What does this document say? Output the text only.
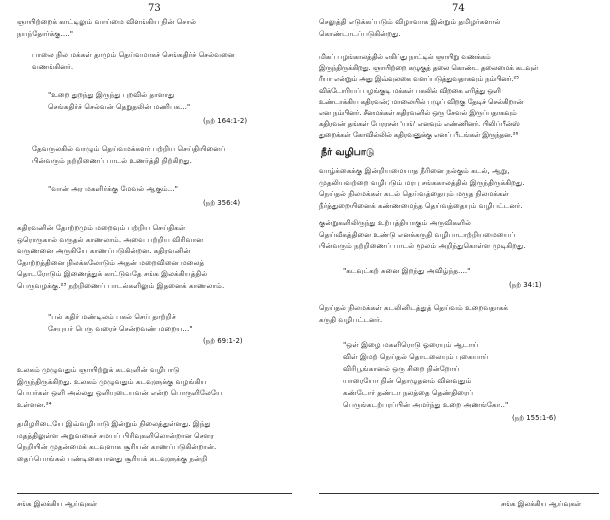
73
ஞாயிற்றைக் காட்டிலும் வாய்மை விளங்கிய நின் சொல்
நயந்தோர்க்கு...."
பாலை நில மக்கள் தாமும் தெய்வமாகச் செங்கதிர்ச் செல்வனை
வணங்கினர்.
"உறை துறந்து இருந்து புறவில் தாளாது
செங்கதிர்ச் செல்வன் தெறுதலின் மணிபக..."
(நற் 164:1-2)
தேவருலகில் வாழும் தெய்வமக்களர் பற்றிய செய்தியினைப்
பின்வரும் நற்றிணைப் பாடல் உணர்த்தி நிற்கிறது.
"வான் அர மகளிர்க்கு மேவல் ஆகும்..."
(நற் 356:4)
கதிரவனின் தோற்றமும் மறைவும் பற்றிய செய்திகள்
ஒரொருகால் வருதல் காணலாம். அவை பற்றிய விரிவான
வருணனை அருகியே காணப்படுகின்றன. கதிரவனின்
தோற்றத்தினை நிலக்கலோடும் அதன் மறைவினை மலைத்
தொடரோடும் இணைத்துக் காட்டுவதே சங்க இலக்கியத்தில்
பெருவழக்கு.²³ நற்றிணைப் பாடல்களிலும் இதனைக் காணலாம்.
"பல் கதிர் மண்டிலம் பகல் செய் தாற்றிச்
சேயுயர் பெரு வரைச் சென்றவண் மறைய..."
(நற் 69:1-2)
உலகம் முழுவதும் ஞாயிற்றுக் கடவுளின் வழிபாடு
இருந்திருக்கிறது. உலகம் முழுவதும் கடவுளுக்கு வழங்கிய
பெயர்கள் ஒளி அல்லது ஒளியுடையவன் என்ற பொருளிலேயே
உள்ளன.²⁴
தமிழரிடையே இவ்வழிபாடு இன்றும் நிலைத்துள்ளது. இந்து
மதத்திலுள்ள அறுவகைச் சமயப் பிரிவுகளிலொன்றான சௌர
நெறியின் முதன்மைக் கடவுளாக சூரியன் காணப்படுகின்றான்.
தைப்பொங்கல் பண்டிகையானது சூரியக் கடவுளுக்கு நன்றி
சங்க இலக்கிய ஆய்வுகள்
74
செலுத்தி எடுக்கப்படும் விழாவாக இன்றும் தமிழர்களால்
கொண்டாடப்படுகின்றது.
மிகப் பழங்காலத்தில் எகிப்து நாட்டில் ஞாயிறு வணக்கம்
இருந்திருக்கிறது. ஞாயிற்றை கழுகுத் தலை கொண்ட தலைமைக் கடவுள்
ரீயா என்றும் அது இவ்வுலகை வளப்படுத்துவதாகவும் நம்பினர்.²⁵
விக்டோரியப் பழங்குடி மக்கள் பகலில் விறகை எரித்து ஒளி
உண்டாக்கிய கதிரவன்; மாலையில் பழுப் விறகு தேடிச் செல்கிறான்
என நம்பினர். சீனமக்கள் கதிரவனில் ஒரு சேவல் இருப்பதாகவும்
கதிரவன் தங்கள் பேரரசன் 'யங்' எனவும் எண்ணினர். பிலிப்பீன்ஸ்
துறைக்கள் கோவில்லில் கதிரவனுக்கு எனப் பீடங்கள் இருந்தன.²⁶
நீர் வழிபாடு
வாழ்க்கைக்கு இன்றியமையாத நீரினை நல்கும் கடல், ஆறு,
முதலியவற்றை வழிபடும் மரபு சங்ககாலத்தில் இருந்திருக்கிறது.
நெய்தல் நிலமக்கள் கடல் தெய்வத்தையும் மருத நிலமக்கள்
நீர்த்துறையினைக் கண்ணமைந்த தெய்வத்தையும் வழிபட்டனர்.
குன்றுகளிலிருந்து உற்பத்தியாகும் அருவிகளில்
தெய்வீகத்தினை உண்டு எனக்கருதி வழிபாடாற்றியமையைப்
பின்வரும் நற்றிணைப் பாடல் மூலம் அறிந்துகொள்ள முடிகிறது.
"கடவுட்கற் சுனை இறந்து அவிழ்ந்த...."
(நற் 34:1)
நெய்தல் நிலமக்கள் கடலினிடத்துத் தெய்வம் உறைவதாகக்
கருதி வழிபட்டனர்.
"ஒள் இழை மகளிரொடு ஓரையும் ஆடாய்
விள் இமற் நெய்தல் தொடலையும் புகையாய்
விரிபூங்கானல் ஒரு சிறை நின்றோய்
யாரையோ நின் தொழுதனம் வினவுதும்
கண்டோர் தண்டா நலத்தை தெண்திரைப்
பெருங்கடற்பரப்பின் அமர்ந்து உறை அணங்கோ.."
(நற் 155:1-6)
சங்க இலக்கிய ஆய்வுகள்
